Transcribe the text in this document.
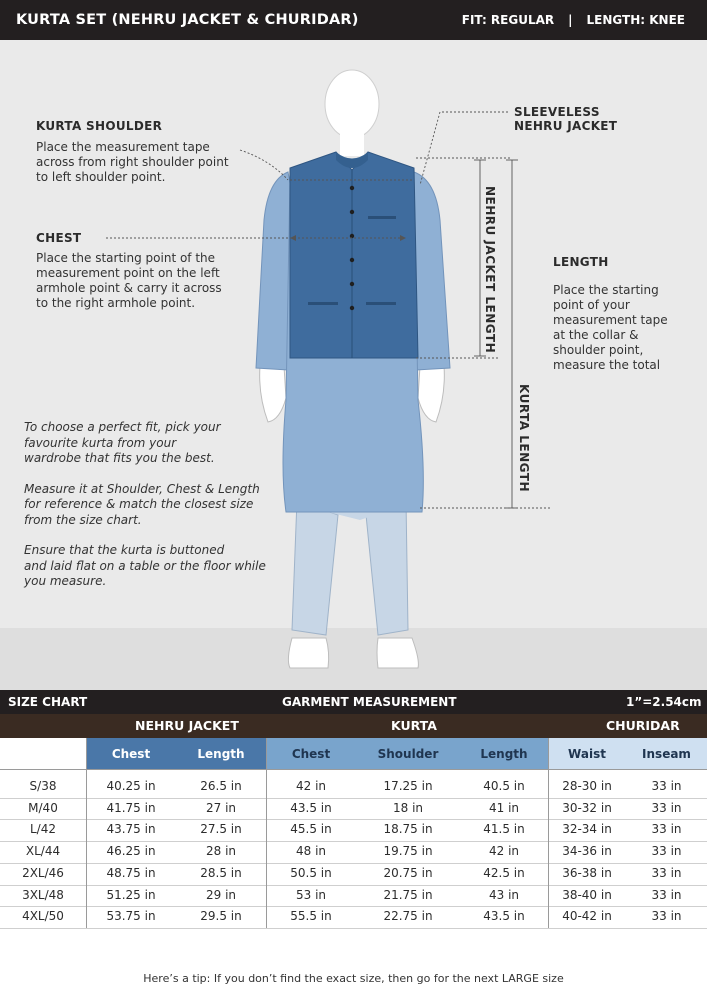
KURTA SET (NEHRU JACKET & CHURIDAR)	FIT: REGULAR | LENGTH: KNEE
KURTA SHOULDER
Place the measurement tape
across from right shoulder point
to left shoulder point.
CHEST
Place the starting point of the
measurement point on the left
armhole point & carry it across
to the right armhole point.
SLEEVELESS
NEHRU JACKET
NEHRU JACKET LENGTH	LENGTH
Place the starting
point of your
measurement tape
at the collar &
shoulder point,
measure the total
KURTA LENGTH

To choose a perfect fit, pick your
favourite kurta from your
wardrobe that fits you the best.

Measure it at Shoulder, Chest & Length
for reference & match the closest size
from the size chart.

Ensure that the kurta is buttoned
and laid flat on a table or the floor while
you measure.

SIZE CHART	GARMENT MEASUREMENT	1”=2.54cm
NEHRU JACKET	KURTA	CHURIDAR
Chest	Length	Chest	Shoulder	Length	Waist	Inseam
S/38	40.25 in	26.5 in	42 in	17.25 in	40.5 in	28-30 in	33 in
M/40	41.75 in	27 in	43.5 in	18 in	41 in	30-32 in	33 in
L/42	43.75 in	27.5 in	45.5 in	18.75 in	41.5 in	32-34 in	33 in
XL/44	46.25 in	28 in	48 in	19.75 in	42 in	34-36 in	33 in
2XL/46	48.75 in	28.5 in	50.5 in	20.75 in	42.5 in	36-38 in	33 in
3XL/48	51.25 in	29 in	53 in	21.75 in	43 in	38-40 in	33 in
4XL/50	53.75 in	29.5 in	55.5 in	22.75 in	43.5 in	40-42 in	33 in
Here’s a tip: If you don’t find the exact size, then go for the next LARGE size
